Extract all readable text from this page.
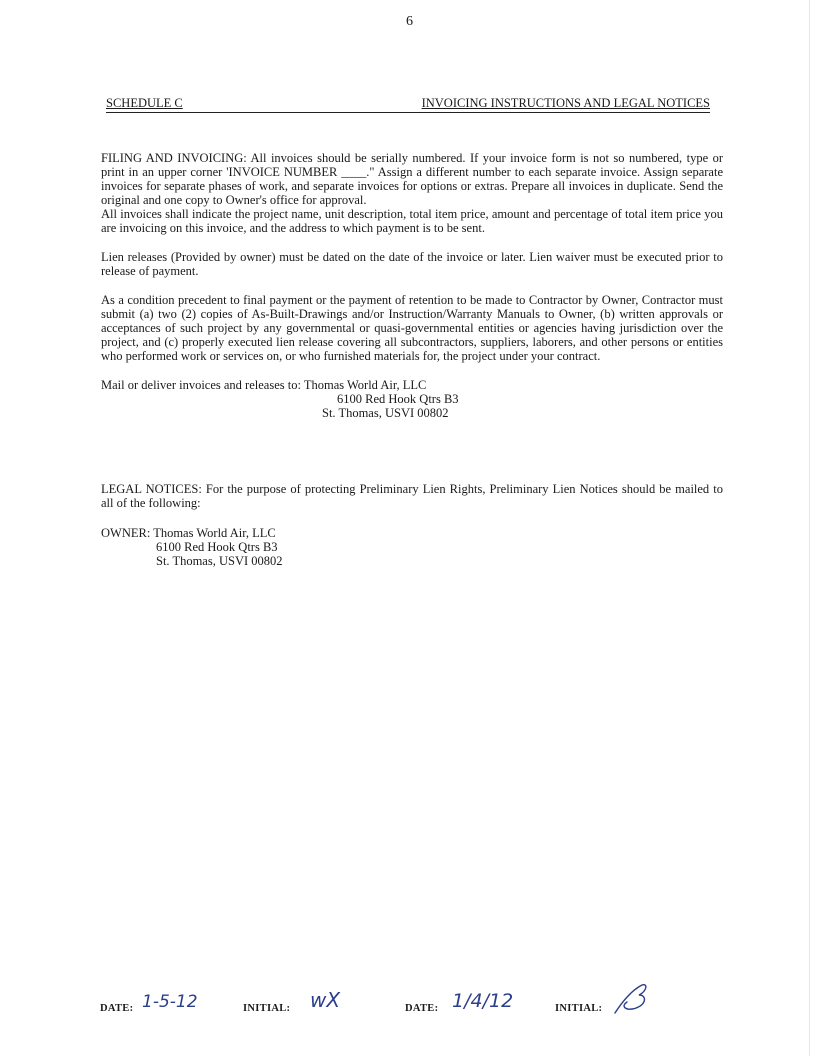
6
SCHEDULE C	INVOICING INSTRUCTIONS AND LEGAL NOTICES

FILING AND INVOICING: All invoices should be serially numbered. If your invoice form is not so numbered, type or print in an upper corner 'INVOICE NUMBER ____." Assign a different number to each separate invoice. Assign separate invoices for separate phases of work, and separate invoices for options or extras. Prepare all invoices in duplicate. Send the original and one copy to Owner's office for approval.

All invoices shall indicate the project name, unit description, total item price, amount and percentage of total item price you are invoicing on this invoice, and the address to which payment is to be sent.

Lien releases (Provided by owner) must be dated on the date of the invoice or later. Lien waiver must be executed prior to release of payment.

As a condition precedent to final payment or the payment of retention to be made to Contractor by Owner, Contractor must submit (a) two (2) copies of As-Built-Drawings and/or Instruction/Warranty Manuals to Owner, (b) written approvals or acceptances of such project by any governmental or quasi-governmental entities or agencies having jurisdiction over the project, and (c) properly executed lien release covering all subcontractors, suppliers, laborers, and other persons or entities who performed work or services on, or who furnished materials for, the project under your contract.

Mail or deliver invoices and releases to: Thomas World Air, LLC
6100 Red Hook Qtrs B3
St. Thomas, USVI 00802

LEGAL NOTICES: For the purpose of protecting Preliminary Lien Rights, Preliminary Lien Notices should be mailed to all of the following:

OWNER: Thomas World Air, LLC
6100 Red Hook Qtrs B3
St. Thomas, USVI 00802
DATE: 1-5-12	INITIAL: wX	DATE: 1/4/12	INITIAL:
